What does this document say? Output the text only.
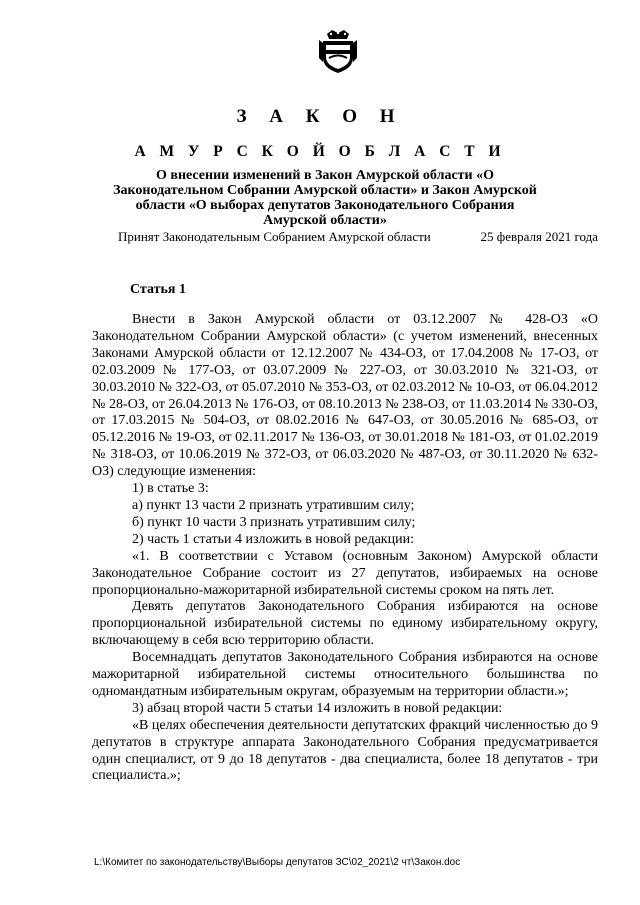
З А К О Н
А М У Р С К О Й О Б Л А С Т И
О внесении изменений в Закон Амурской области «О Законодательном Собрании Амурской области» и Закон Амурской области «О выборах депутатов Законодательного Собрания Амурской области»
Принят Законодательным Собранием Амурской области	25 февраля 2021 года
Статья 1

Внести в Закон Амурской области от 03.12.2007 № 428-ОЗ «О Законодательном Собрании Амурской области» (с учетом изменений, внесенных Законами Амурской области от 12.12.2007 № 434-ОЗ, от 17.04.2008 № 17-ОЗ, от 02.03.2009 № 177-ОЗ, от 03.07.2009 № 227-ОЗ, от 30.03.2010 № 321-ОЗ, от 30.03.2010 № 322-ОЗ, от 05.07.2010 № 353-ОЗ, от 02.03.2012 № 10-ОЗ, от 06.04.2012 № 28-ОЗ, от 26.04.2013 № 176-ОЗ, от 08.10.2013 № 238-ОЗ, от 11.03.2014 № 330-ОЗ, от 17.03.2015 № 504-ОЗ, от 08.02.2016 № 647-ОЗ, от 30.05.2016 № 685-ОЗ, от 05.12.2016 № 19-ОЗ, от 02.11.2017 № 136-ОЗ, от 30.01.2018 № 181-ОЗ, от 01.02.2019 № 318-ОЗ, от 10.06.2019 № 372-ОЗ, от 06.03.2020 № 487-ОЗ, от 30.11.2020 № 632-ОЗ) следующие изменения:

1) в статье 3:

а) пункт 13 части 2 признать утратившим силу;

б) пункт 10 части 3 признать утратившим силу;

2) часть 1 статьи 4 изложить в новой редакции:

«1. В соответствии с Уставом (основным Законом) Амурской области Законодательное Собрание состоит из 27 депутатов, избираемых на основе пропорционально-мажоритарной избирательной системы сроком на пять лет.

Девять депутатов Законодательного Собрания избираются на основе пропорциональной избирательной системы по единому избирательному округу, включающему в себя всю территорию области.

Восемнадцать депутатов Законодательного Собрания избираются на основе мажоритарной избирательной системы относительного большинства по одномандатным избирательным округам, образуемым на территории области.»;

3) абзац второй части 5 статьи 14 изложить в новой редакции:

«В целях обеспечения деятельности депутатских фракций численностью до 9 депутатов в структуре аппарата Законодательного Собрания предусматривается один специалист, от 9 до 18 депутатов - два специалиста, более 18 депутатов - три специалиста.»;

L:\Комитет по законодательству\Выборы депутатов ЗС\02_2021\2 чт\Закон.doc
